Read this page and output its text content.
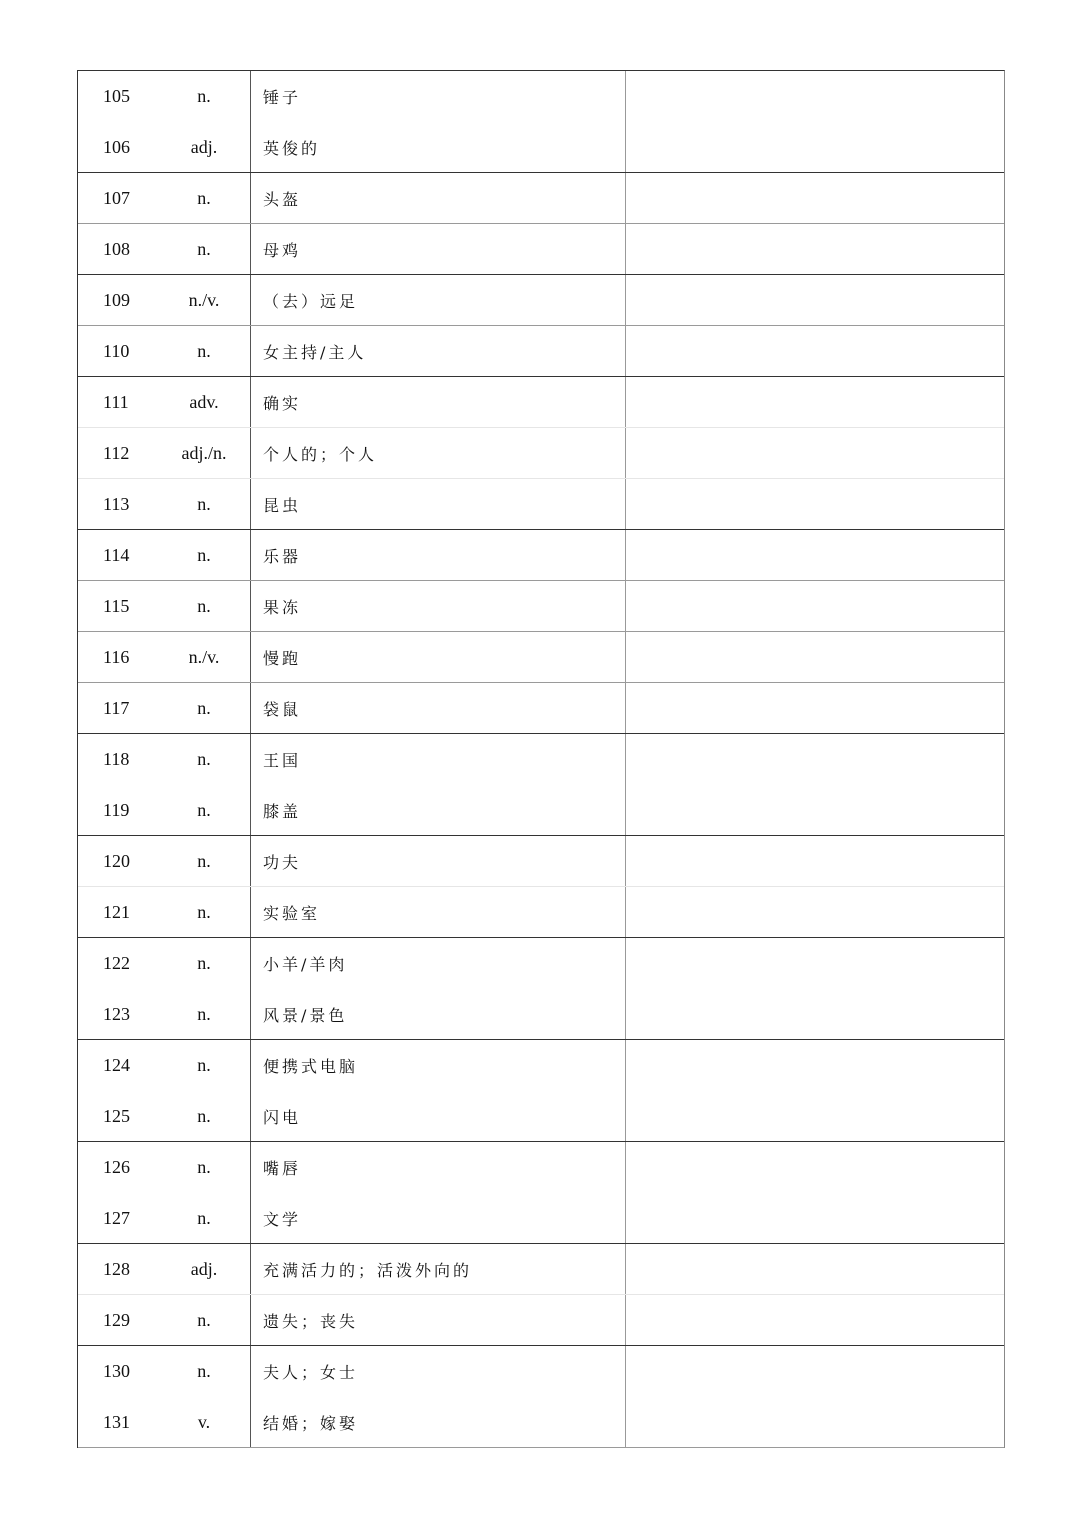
105	n.	锤子
106	adj.	英俊的
107	n.	头盔
108	n.	母鸡
109	n./v.	（去）远足
110	n.	女主持/主人
111	adv.	确实
112	adj./n.	个人的；个人
113	n.	昆虫
114	n.	乐器
115	n.	果冻
116	n./v.	慢跑
117	n.	袋鼠
118	n.	王国
119	n.	膝盖
120	n.	功夫
121	n.	实验室
122	n.	小羊/羊肉
123	n.	风景/景色
124	n.	便携式电脑
125	n.	闪电
126	n.	嘴唇
127	n.	文学
128	adj.	充满活力的；活泼外向的
129	n.	遗失；丧失
130	n.	夫人；女士
131	v.	结婚；嫁娶
